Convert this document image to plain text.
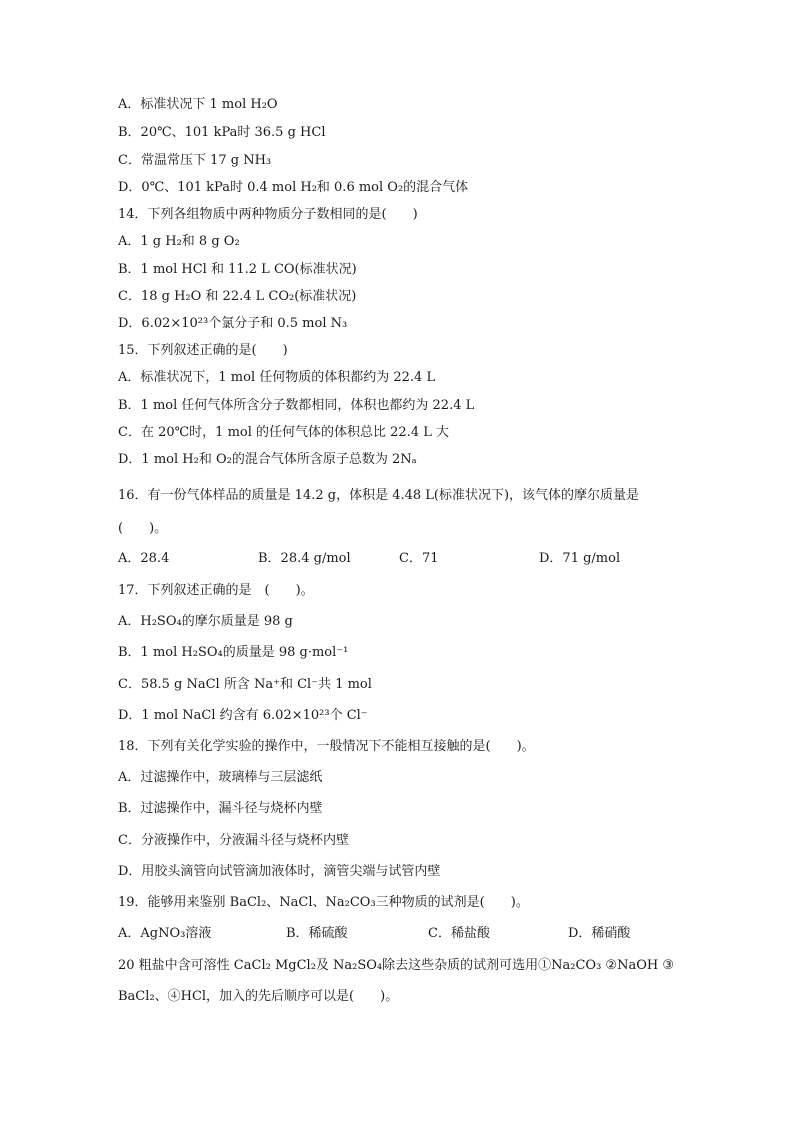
A．标准状况下 1 mol H₂O
B．20℃、101 kPa时 36.5 g HCl
C．常温常压下 17 g NH₃
D．0℃、101 kPa时 0.4 mol H₂和 0.6 mol O₂的混合气体
14．下列各组物质中两种物质分子数相同的是(　　)
A．1 g H₂和 8 g O₂
B．1 mol HCl 和 11.2 L CO(标准状况)
C．18 g H₂O 和 22.4 L CO₂(标准状况)
D．6.02×10²³个氯分子和 0.5 mol N₃
15．下列叙述正确的是(　　)
A．标准状况下，1 mol 任何物质的体积都约为 22.4 L
B．1 mol 任何气体所含分子数都相同，体积也都约为 22.4 L
C．在 20℃时，1 mol 的任何气体的体积总比 22.4 L 大
D．1 mol H₂和 O₂的混合气体所含原子总数为 2Nₐ
16．有一份气体样品的质量是 14.2 g，体积是 4.48 L(标准状况下)，该气体的摩尔质量是
(　　)。
A．28.4	B．28.4 g/mol	C．71	D．71 g/mol
17．下列叙述正确的是　(　　)。
A．H₂SO₄的摩尔质量是 98 g
B．1 mol H₂SO₄的质量是 98 g·mol⁻¹
C．58.5 g NaCl 所含 Na⁺和 Cl⁻共 1 mol
D．1 mol NaCl 约含有 6.02×10²³个 Cl⁻
18．下列有关化学实验的操作中，一般情况下不能相互接触的是(　　)。
A．过滤操作中，玻璃棒与三层滤纸
B．过滤操作中，漏斗径与烧杯内壁
C．分液操作中，分液漏斗径与烧杯内壁
D．用胶头滴管向试管滴加液体时，滴管尖端与试管内壁
19．能够用来鉴别 BaCl₂、NaCl、Na₂CO₃三种物质的试剂是(　　)。
A．AgNO₃溶液	B．稀硫酸	C．稀盐酸	D．稀硝酸
20 粗盐中含可溶性 CaCl₂ MgCl₂及 Na₂SO₄除去这些杂质的试剂可选用①Na₂CO₃ ②NaOH ③
BaCl₂、④HCl，加入的先后顺序可以是(　　)。
